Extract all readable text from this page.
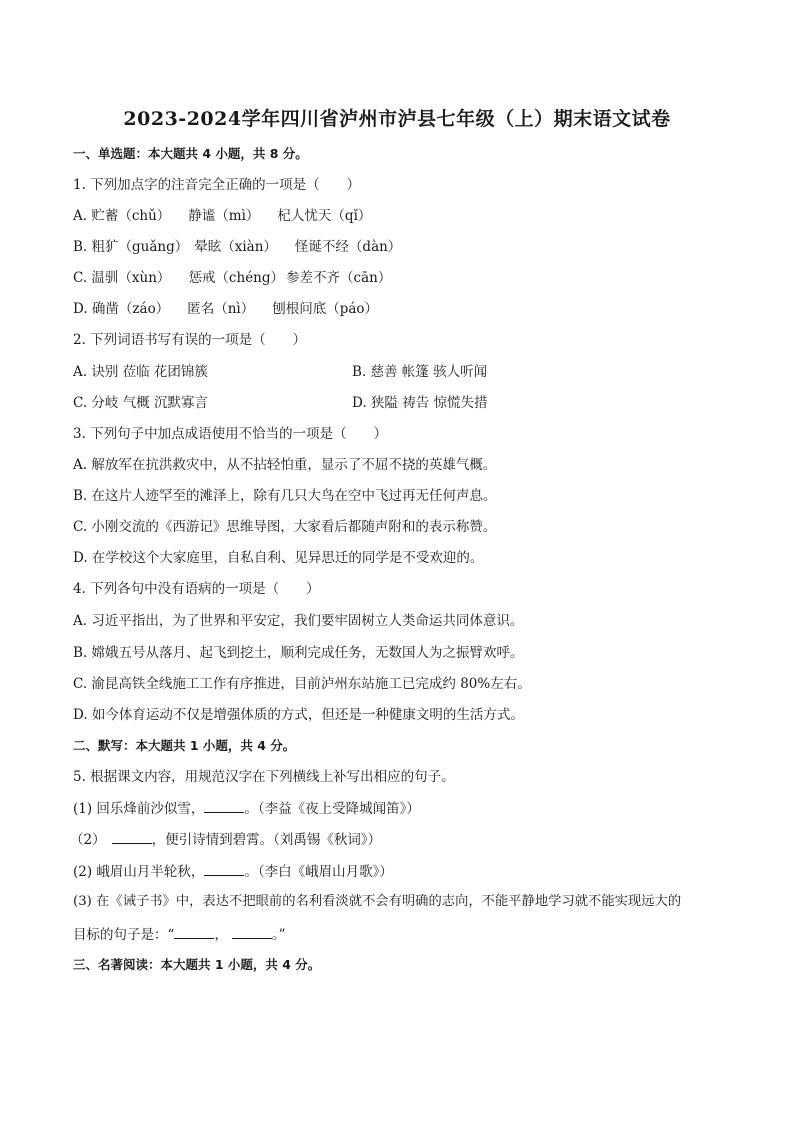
2023-2024学年四川省泸州市泸县七年级（上）期末语文试卷
一、单选题：本大题共 4 小题，共 8 分。
1. 下列加点字的注音完全正确的一项是（　　）
A. 贮蓄（chǔ） 静谧（mì） 杞人忧天（qǐ）
B. 粗犷（guǎng） 晕眩（xiàn） 怪诞不经（dàn）
C. 温驯（xùn） 惩戒（chéng） 参差不齐（cān）
D. 确凿（záo） 匿名（nì） 刨根问底（páo）
2. 下列词语书写有误的一项是（　　）
A. 诀别 莅临 花团锦簇	B. 慈善 帐篷 骇人听闻
C. 分岐 气概 沉默寡言	D. 狭隘 祷告 惊慌失措
3. 下列句子中加点成语使用不恰当的一项是（　　）
A. 解放军在抗洪救灾中，从不拈轻怕重，显示了不屈不挠的英雄气概。
B. 在这片人迹罕至的滩泽上，除有几只大鸟在空中飞过再无任何声息。
C. 小刚交流的《西游记》思维导图，大家看后都随声附和的表示称赞。
D. 在学校这个大家庭里，自私自利、见异思迁的同学是不受欢迎的。
4. 下列各句中没有语病的一项是（　　）
A. 习近平指出，为了世界和平安定，我们要牢固树立人类命运共同体意识。
B. 嫦娥五号从落月、起飞到挖土，顺利完成任务，无数国人为之振臂欢呼。
C. 渝昆高铁全线施工工作有序推进，目前泸州东站施工已完成约 80%左右。
D. 如今体育运动不仅是增强体质的方式，但还是一种健康文明的生活方式。
二、默写：本大题共 1 小题，共 4 分。
5. 根据课文内容，用规范汉字在下列横线上补写出相应的句子。
(1) 回乐烽前沙似雪，	。（李益《夜上受降城闻笛》）
（2）	，便引诗情到碧霄。（刘禹锡《秋词》）
(2) 峨眉山月半轮秋，	。（李白《峨眉山月歌》）
(3) 在《诫子书》中，表达不把眼前的名利看淡就不会有明确的志向，不能平静地学习就不能实现远大的
目标的句子是：“	，	。”
三、名著阅读：本大题共 1 小题，共 4 分。
